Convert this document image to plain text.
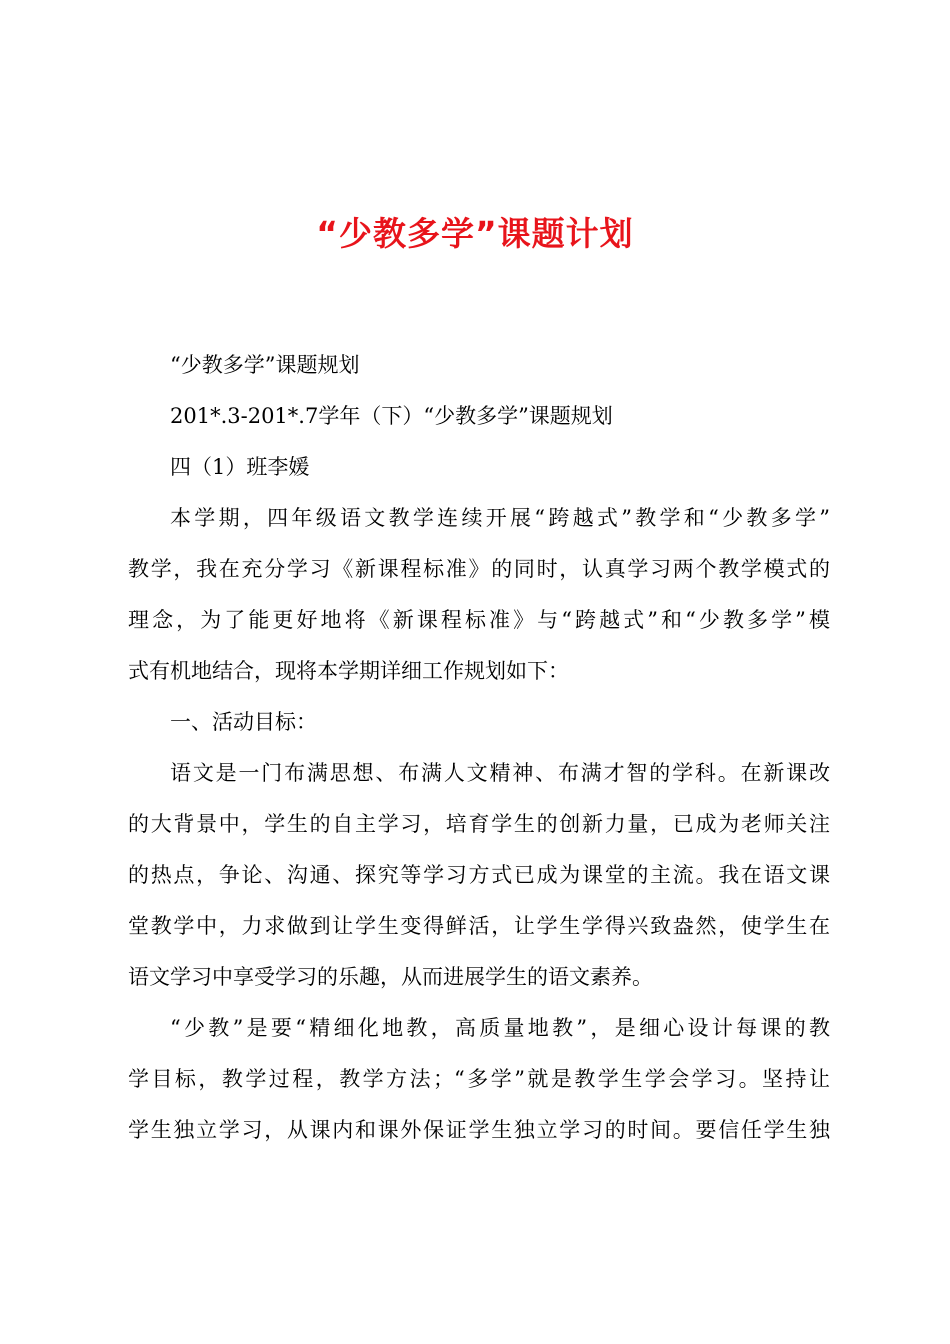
“少教多学”课题计划
“少教多学”课题规划
201*.3-201*.7学年（下）“少教多学”课题规划
四（1）班李媛
本学期，四年级语文教学连续开展“跨越式”教学和“少教多学”
教学，我在充分学习《新课程标准》的同时，认真学习两个教学模式的
理念，为了能更好地将《新课程标准》与“跨越式”和“少教多学”模
式有机地结合，现将本学期详细工作规划如下：
一、活动目标：
语文是一门布满思想、布满人文精神、布满才智的学科。在新课改
的大背景中，学生的自主学习，培育学生的创新力量，已成为老师关注
的热点，争论、沟通、探究等学习方式已成为课堂的主流。我在语文课
堂教学中，力求做到让学生变得鲜活，让学生学得兴致盎然，使学生在
语文学习中享受学习的乐趣，从而进展学生的语文素养。
“少教”是要“精细化地教，高质量地教”，是细心设计每课的教
学目标，教学过程，教学方法；“多学”就是教学生学会学习。坚持让
学生独立学习，从课内和课外保证学生独立学习的时间。要信任学生独
